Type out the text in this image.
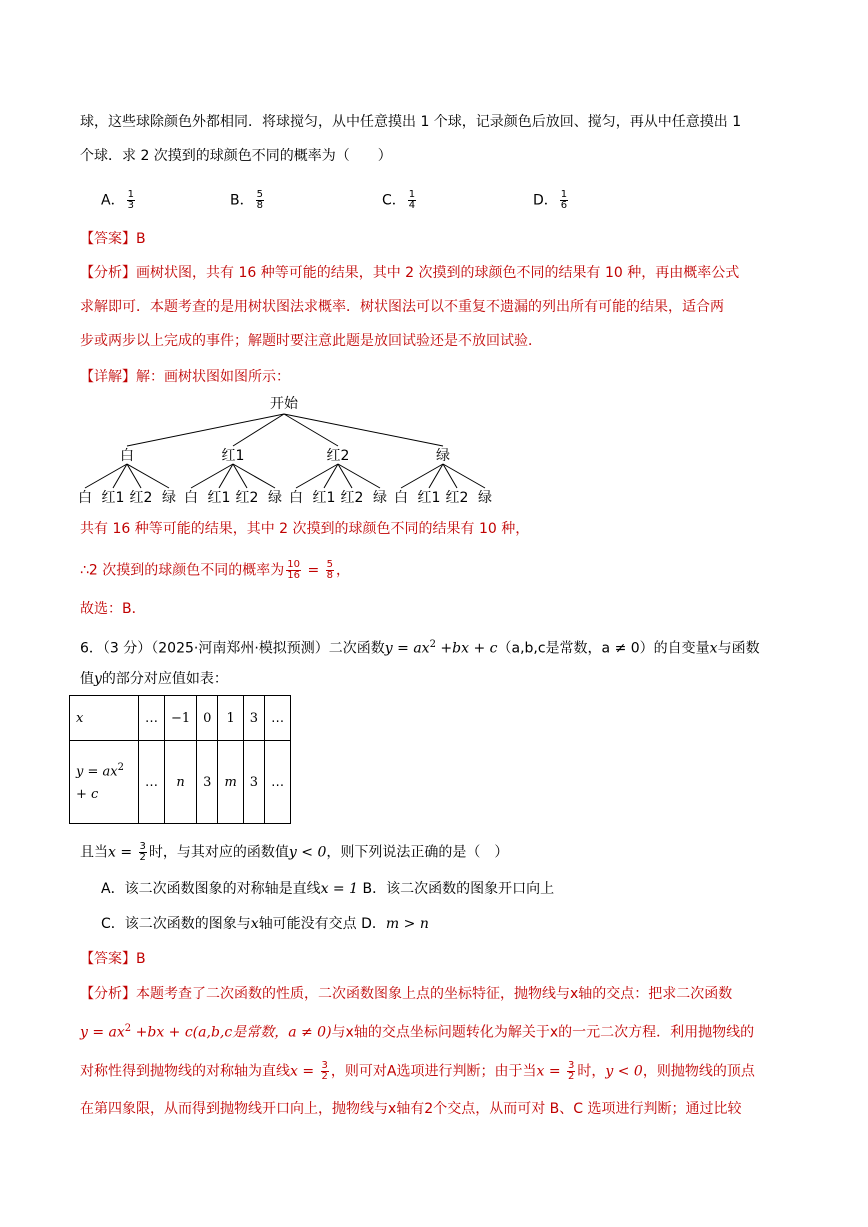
球，这些球除颜色外都相同．将球搅匀，从中任意摸出 1 个球，记录颜色后放回、搅匀，再从中任意摸出 1
个球．求 2 次摸到的球颜色不同的概率为（　　）
A． $\frac{1}{3}$	B． $\frac{5}{8}$	C． $\frac{1}{4}$	D． $\frac{1}{6}$
【答案】B
【分析】画树状图，共有 16 种等可能的结果，其中 2 次摸到的球颜色不同的结果有 10 种，再由概率公式
求解即可．本题考查的是用树状图法求概率．树状图法可以不重复不遗漏的列出所有可能的结果，适合两
步或两步以上完成的事件；解题时要注意此题是放回试验还是不放回试验．
【详解】解：画树状图如图所示：
开始
白	红1	红2	绿
白 红1 红2 绿 白 红1 红2 绿 白 红1 红2 绿 白 红1 红2 绿
共有 16 种等可能的结果，其中 2 次摸到的球颜色不同的结果有 10 种，
∴2 次摸到的球颜色不同的概率为 $\frac{10}{16} = \frac{5}{8}$ ，
故选：B．
6．（3 分）（2025·河南郑州·模拟预测）二次函数$y = ax^2 +bx + c(a,b,c$是常数，a ≠ 0）的自变量x与函数
值y的部分对应值如表：
x	…	−1	0	1	3	…

$y = ax^2$
+ c	…	n	3	m	3	…
且当$x = \frac{3}{2}$ 时，与其对应的函数值y < 0，则下列说法正确的是（　）
A．该二次函数图象的对称轴是直线x = 1 B．该二次函数的图象开口向上
C．该二次函数的图象与x轴可能没有交点 D．m > n
【答案】B
【分析】本题考查了二次函数的性质，二次函数图象上点的坐标特征，抛物线与x轴的交点：把求二次函数
$y = ax^2 +bx + c(a,b,c$是常数，a ≠ 0)与x轴的交点坐标问题转化为解关于x的一元二次方程．利用抛物线的
对称性得到抛物线的对称轴为直线$x = \frac{3}{2}$ ，则可对A选项进行判断；由于当$x = \frac{3}{2}$ 时，y < 0，则抛物线的顶点
在第四象限，从而得到抛物线开口向上，抛物线与x轴有2个交点，从而可对 B、C 选项进行判断；通过比较
